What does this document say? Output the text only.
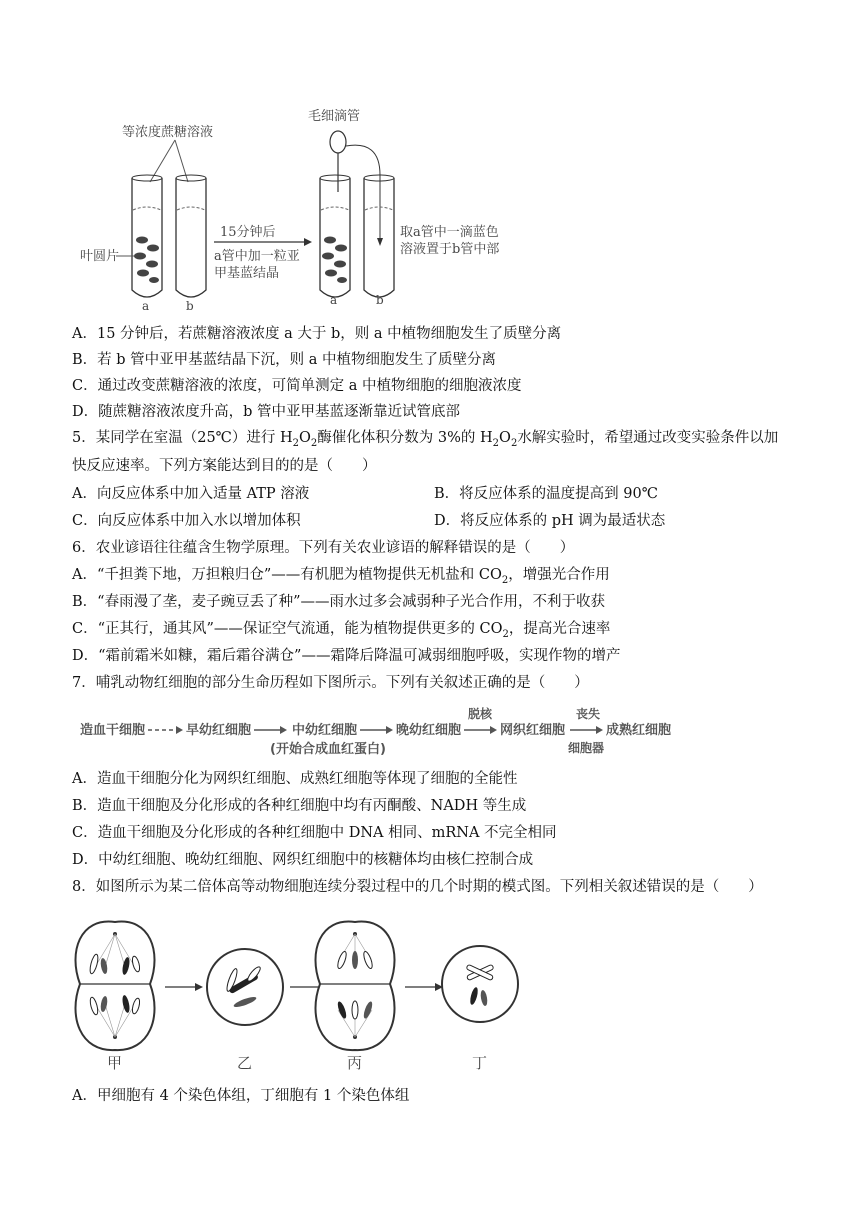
等浓度蔗糖溶液
叶圆片
a	b
15分钟后
a管中加一粒亚
甲基蓝结晶
毛细滴管
a	b
取a管中一滴蓝色
溶液置于b管中部
A．15 分钟后，若蔗糖溶液浓度 a 大于 b，则 a 中植物细胞发生了质壁分离
B．若 b 管中亚甲基蓝结晶下沉，则 a 中植物细胞发生了质壁分离
C．通过改变蔗糖溶液的浓度，可简单测定 a 中植物细胞的细胞液浓度
D．随蔗糖溶液浓度升高，b 管中亚甲基蓝逐渐靠近试管底部
5．某同学在室温（25℃）进行 $H_2O_2$酶催化体积分数为 3%的 $H_2O_2$水解实验时，希望通过改变实验条件以加
快反应速率。下列方案能达到目的的是（　　）
A．向反应体系中加入适量 ATP 溶液	B．将反应体系的温度提高到 90℃
C．向反应体系中加入水以增加体积	D．将反应体系的 pH 调为最适状态
6．农业谚语往往蕴含生物学原理。下列有关农业谚语的解释错误的是（　　）
A．“千担粪下地，万担粮归仓”——有机肥为植物提供无机盐和 $CO_2$，增强光合作用
B．“春雨漫了垄，麦子豌豆丢了种”——雨水过多会减弱种子光合作用，不利于收获
C．“正其行，通其风”——保证空气流通，能为植物提供更多的 $CO_2$，提高光合速率
D．“霜前霜米如糠，霜后霜谷满仓”——霜降后降温可减弱细胞呼吸，实现作物的增产
7．哺乳动物红细胞的部分生命历程如下图所示。下列有关叙述正确的是（　　）
造血干细胞	早幼红细胞	中幼红细胞
(开始合成血红蛋白)
晚幼红细胞
脱核
网织红细胞
丧失
成熟红细胞
细胞器
A．造血干细胞分化为网织红细胞、成熟红细胞等体现了细胞的全能性
B．造血干细胞及分化形成的各种红细胞中均有丙酮酸、NADH 等生成
C．造血干细胞及分化形成的各种红细胞中 DNA 相同、mRNA 不完全相同
D．中幼红细胞、晚幼红细胞、网织红细胞中的核糖体均由核仁控制合成
8．如图所示为某二倍体高等动物细胞连续分裂过程中的几个时期的模式图。下列相关叙述错误的是（　　）
甲	乙	丙	丁
A．甲细胞有 4 个染色体组，丁细胞有 1 个染色体组
